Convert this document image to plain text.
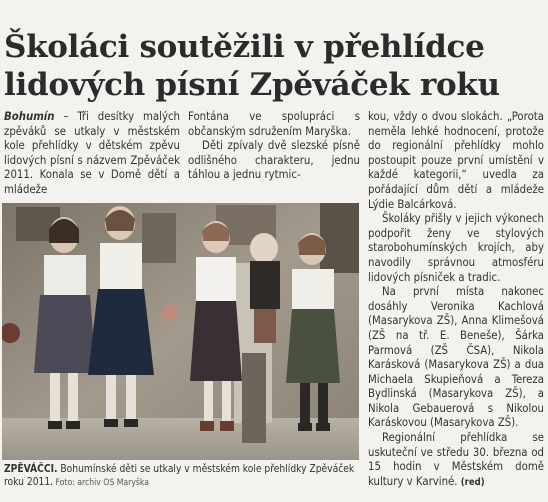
Školáci soutěžili v přehlídce lidových písní Zpěváček roku

Bohumín – Tři desítky malých zpěváků se utkaly v městském kole přehlídky v dětském zpěvu lidových písní s názvem Zpěváček 2011. Konala se v Domě dětí a mládeže

Fontána ve spolupráci s občanským sdružením Maryška.

Děti zpívaly dvě slezské písně odlišného charakteru, jednu táhlou a jednu rytmic-

kou, vždy o dvou slokách. „Porota neměla lehké hodnocení, protože do regionální přehlídky mohlo postoupit pouze první umístění v každé kategorii,“ uvedla za pořádající dům dětí a mládeže Lýdie Balcárková.

Školáky přišly v jejich výkonech podpořit ženy ve stylových starobohumínských krojích, aby navodily správnou atmosféru lidových písniček a tradic.

Na první místa nakonec dosáhly Veronika Kachlová (Masarykova ZŠ), Anna Klimešová (ZŠ na tř. E. Beneše), Šárka Parmová (ZŠ ČSA), Nikola Karásková (Masarykova ZŠ) a dua Michaela Skupieňová a Tereza Bydlinská (Masarykova ZŠ), a Nikola Gebauerová s Nikolou Karáskovou (Masarykova ZŠ).

Regionální přehlídka se uskuteční ve středu 30. března od 15 hodin v Městském domě kultury v Karviné. (red)

ZPĚVÁČCI. Bohumínské děti se utkaly v městském kole přehlídky Zpěváček roku 2011. Foto: archiv OS Maryška
